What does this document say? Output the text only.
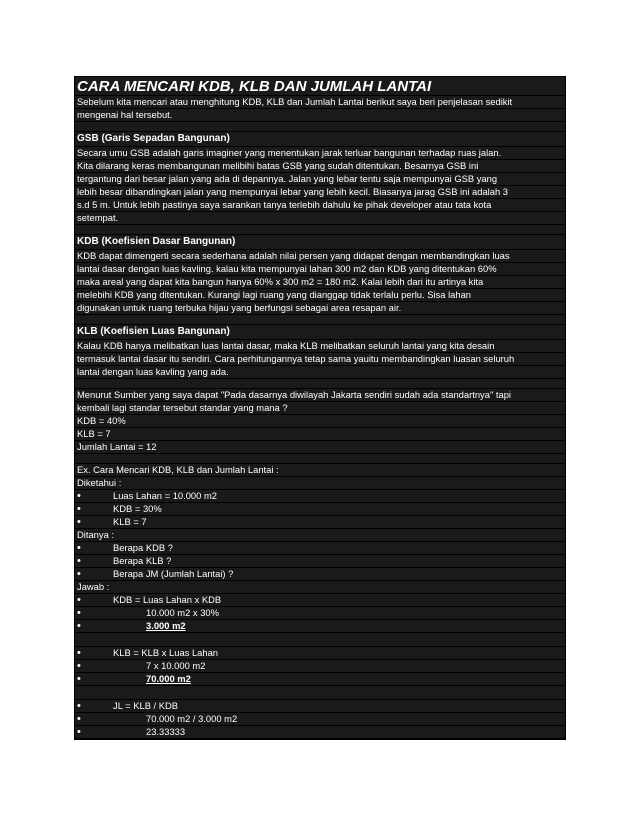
CARA MENCARI KDB, KLB DAN JUMLAH LANTAI
Sebelum kita mencari atau menghitung KDB, KLB dan Jumlah Lantai berikut saya beri penjelasan sedikit
mengenai hal tersebut.
GSB (Garis Sepadan Bangunan)
Secara umu GSB adalah garis imaginer yang menentukan jarak terluar bangunan terhadap ruas jalan.
Kita dilarang keras membangunan melibihi batas GSB yang sudah ditentukan. Besarnya GSB ini
tergantung dari besar jalan yang ada di depannya. Jalan yang lebar tentu saja mempunyai GSB yang
lebih besar dibandingkan jalan yang mempunyai lebar yang lebih kecil. Biasanya jarag GSB ini adalah 3
s.d 5 m. Untuk lebih pastinya saya sarankan tanya terlebih dahulu ke pihak developer atau tata kota
setempat.
KDB (Koefisien Dasar Bangunan)
KDB dapat dimengerti secara sederhana adalah nilai persen yang didapat dengan membandingkan luas
lantai dasar dengan luas kavling. kalau kita mempunyai lahan 300 m2 dan KDB yang ditentukan 60%
maka areal yang dapat kita bangun hanya 60% x 300 m2 = 180 m2. Kalai lebih dari itu artinya kita
melebihi KDB yang ditentukan. Kurangi lagi ruang yang dianggap tidak terlalu perlu. Sisa lahan
digunakan untuk ruang terbuka hijau yang berfungsi sebagai area resapan air.
KLB (Koefisien Luas Bangunan)
Kalau KDB hanya melibatkan luas lantai dasar, maka KLB melibatkan seluruh lantai yang kita desain
termasuk lantai dasar itu sendiri. Cara perhitungannya tetap sama yauitu membandingkan luasan seluruh
lantai dengan luas kavling yang ada.
Menurut Sumber yang saya dapat "Pada dasarnya diwilayah Jakarta sendiri sudah ada standartnya" tapi
kembali lagi standar tersebut standar yang mana ?
KDB = 40%
KLB = 7
Jumlah Lantai = 12
Ex. Cara Mencari KDB, KLB dan Jumlah Lantai :
Diketahui :
•	Luas Lahan = 10.000 m2
•	KDB = 30%
•	KLB = 7
Ditanya :
•	Berapa KDB ?
•	Berapa KLB ?
•	Berapa JM (Jumlah Lantai) ?
Jawab :
•	KDB = Luas Lahan x KDB
•	10.000 m2 x 30%
•	3.000 m2
•	KLB = KLB x Luas Lahan
•	7 x 10.000 m2
•	70.000 m2
•	JL = KLB / KDB
•	70.000 m2 / 3.000 m2
•	23.33333
